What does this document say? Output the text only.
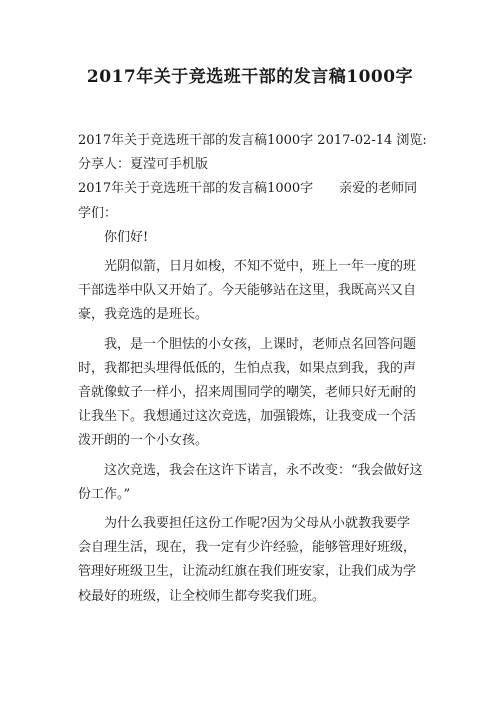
2017年关于竞选班干部的发言稿1000字
2017年关于竞选班干部的发言稿1000字 2017-02-14 浏览:
分享人：夏滢可手机版
2017年关于竞选班干部的发言稿1000字 亲爱的老师同
学们：
你们好!
光阴似箭，日月如梭，不知不觉中，班上一年一度的班
干部选举中队又开始了。今天能够站在这里，我既高兴又自
豪，我竞选的是班长。
我，是一个胆怯的小女孩，上课时，老师点名回答问题
时，我都把头埋得低低的，生怕点我，如果点到我，我的声
音就像蚊子一样小，招来周围同学的嘲笑，老师只好无耐的
让我坐下。我想通过这次竞选，加强锻炼，让我变成一个活
泼开朗的一个小女孩。
这次竞选，我会在这许下诺言，永不改变：“我会做好这
份工作。”
为什么我要担任这份工作呢?因为父母从小就教我要学
会自理生活，现在，我一定有少许经验，能够管理好班级，
管理好班级卫生，让流动红旗在我们班安家，让我们成为学
校最好的班级，让全校师生都夸奖我们班。
